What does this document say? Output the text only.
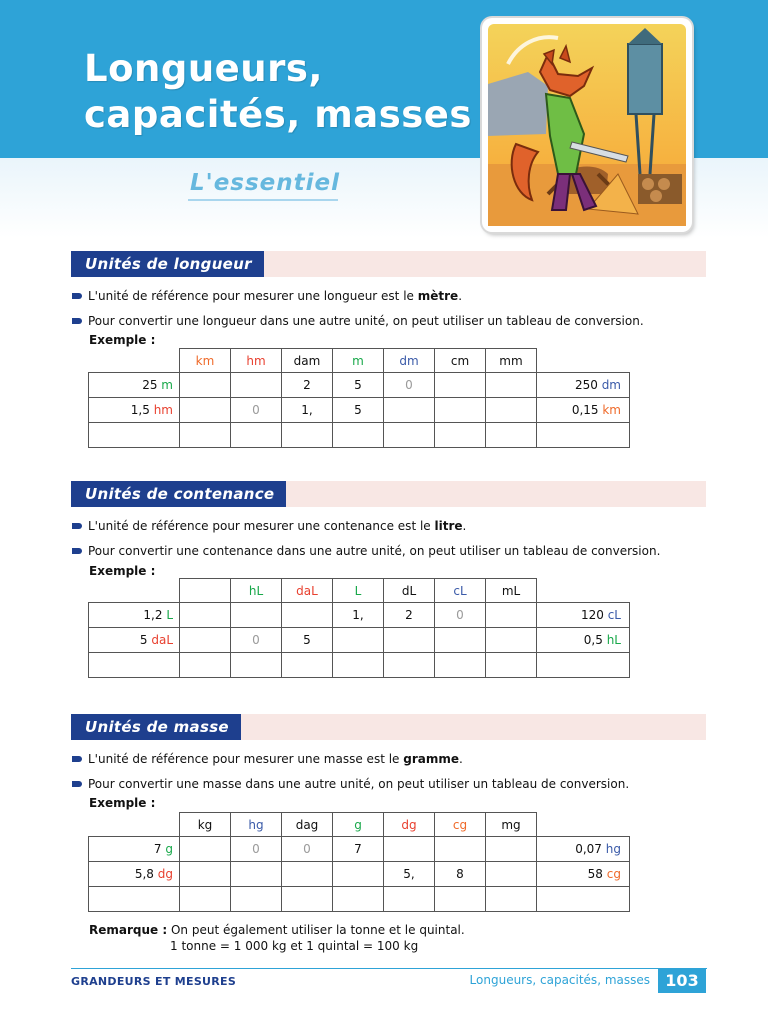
Longueurs,
capacités, masses
L'essentiel
Unités de longueur
L'unité de référence pour mesurer une longueur est le mètre.
Pour convertir une longueur dans une autre unité, on peut utiliser un tableau de conversion.
Exemple :
	km	hm	dam	m	dm	cm	mm	
25 m			2	5	0			250 dm
1,5 hm		0	1,	5				0,15 km

Unités de contenance
L'unité de référence pour mesurer une contenance est le litre.
Pour convertir une contenance dans une autre unité, on peut utiliser un tableau de conversion.
Exemple :
		hL	daL	L	dL	cL	mL	
1,2 L				1,	2	0		120 cL
5 daL		0	5					0,5 hL

Unités de masse
L'unité de référence pour mesurer une masse est le gramme.
Pour convertir une masse dans une autre unité, on peut utiliser un tableau de conversion.
Exemple :
	kg	hg	dag	g	dg	cg	mg	
7 g		0	0	7				0,07 hg
5,8 dg					5,	8		58 cg

Remarque : On peut également utiliser la tonne et le quintal.
1 tonne = 1 000 kg et 1 quintal = 100 kg
GRANDEURS ET MESURES	Longueurs, capacités, masses 103
